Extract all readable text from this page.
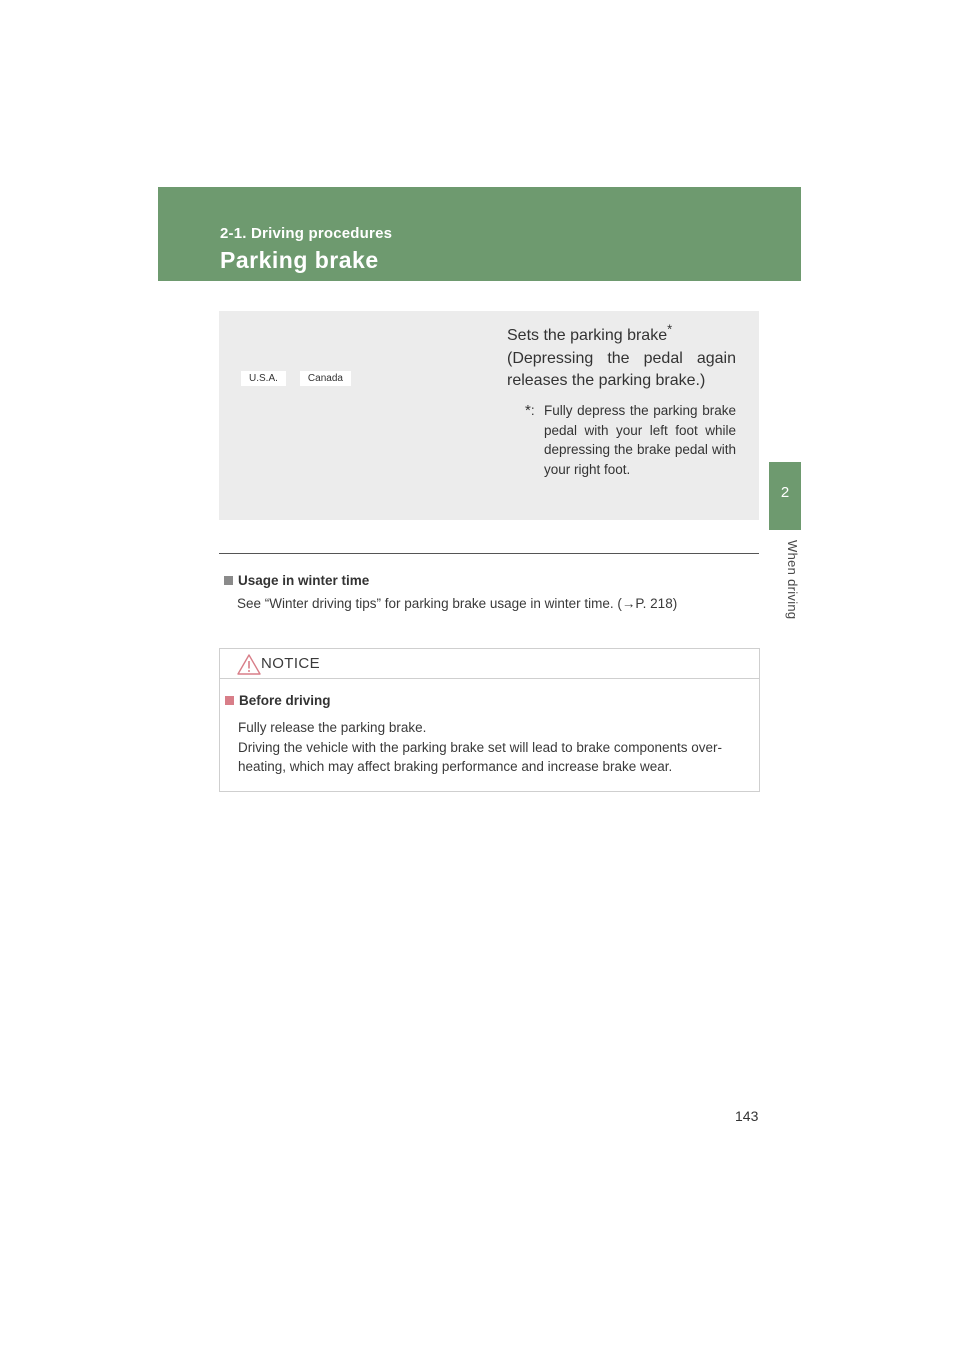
2-1. Driving procedures
Parking brake
2
When driving
U.S.A.	Canada
Sets the parking brake*
(Depressing the pedal again releases the parking brake.)
*: Fully depress the parking brake pedal with your left foot while depressing the brake pedal with your right foot.
Usage in winter time
See “Winter driving tips” for parking brake usage in winter time. (→P. 218)
NOTICE
Before driving
Fully release the parking brake.
Driving the vehicle with the parking brake set will lead to brake components over-
heating, which may affect braking performance and increase brake wear.
143
